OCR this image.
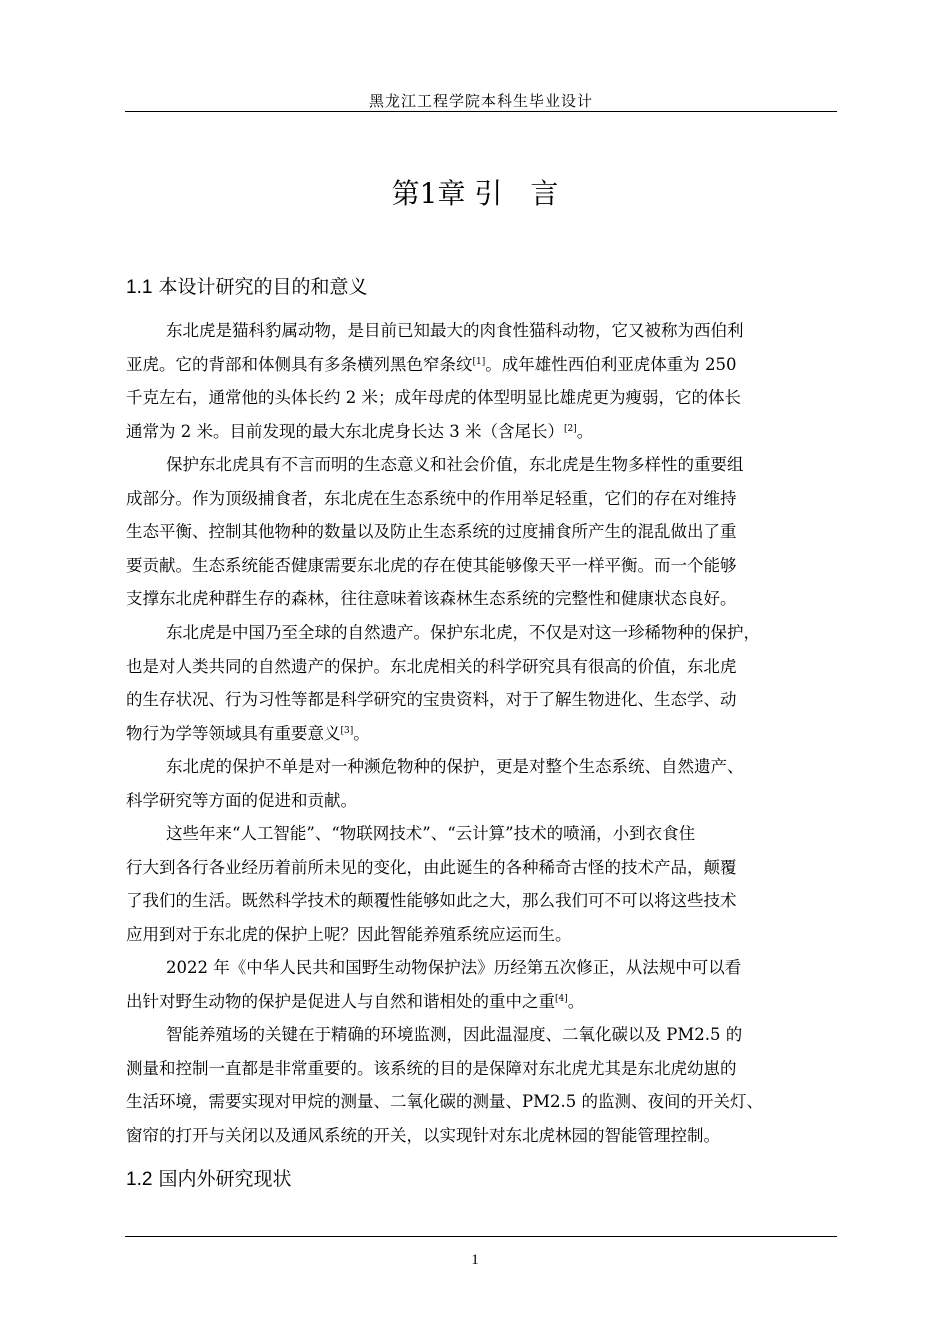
黑龙江工程学院本科生毕业设计
第1章 引 言
1.1 本设计研究的目的和意义
东北虎是猫科豹属动物，是目前已知最大的肉食性猫科动物，它又被称为西伯利
亚虎。它的背部和体侧具有多条横列黑色窄条纹[1]。成年雄性西伯利亚虎体重为 250
千克左右，通常他的头体长约 2 米；成年母虎的体型明显比雄虎更为瘦弱，它的体长
通常为 2 米。目前发现的最大东北虎身长达 3 米（含尾长）[2]。
保护东北虎具有不言而明的生态意义和社会价值，东北虎是生物多样性的重要组
成部分。作为顶级捕食者，东北虎在生态系统中的作用举足轻重，它们的存在对维持
生态平衡、控制其他物种的数量以及防止生态系统的过度捕食所产生的混乱做出了重
要贡献。生态系统能否健康需要东北虎的存在使其能够像天平一样平衡。而一个能够
支撑东北虎种群生存的森林，往往意味着该森林生态系统的完整性和健康状态良好。
东北虎是中国乃至全球的自然遗产。保护东北虎，不仅是对这一珍稀物种的保护，
也是对人类共同的自然遗产的保护。东北虎相关的科学研究具有很高的价值，东北虎
的生存状况、行为习性等都是科学研究的宝贵资料，对于了解生物进化、生态学、动
物行为学等领域具有重要意义[3]。
东北虎的保护不单是对一种濒危物种的保护，更是对整个生态系统、自然遗产、
科学研究等方面的促进和贡献。
这些年来“人工智能”、“物联网技术”、“云计算”技术的喷涌，小到衣食住
行大到各行各业经历着前所未见的变化，由此诞生的各种稀奇古怪的技术产品，颠覆
了我们的生活。既然科学技术的颠覆性能够如此之大，那么我们可不可以将这些技术
应用到对于东北虎的保护上呢？因此智能养殖系统应运而生。
2022 年《中华人民共和国野生动物保护法》历经第五次修正，从法规中可以看
出针对野生动物的保护是促进人与自然和谐相处的重中之重[4]。
智能养殖场的关键在于精确的环境监测，因此温湿度、二氧化碳以及 PM2.5 的
测量和控制一直都是非常重要的。该系统的目的是保障对东北虎尤其是东北虎幼崽的
生活环境，需要实现对甲烷的测量、二氧化碳的测量、PM2.5 的监测、夜间的开关灯、
窗帘的打开与关闭以及通风系统的开关，以实现针对东北虎林园的智能管理控制。
1.2 国内外研究现状
1
